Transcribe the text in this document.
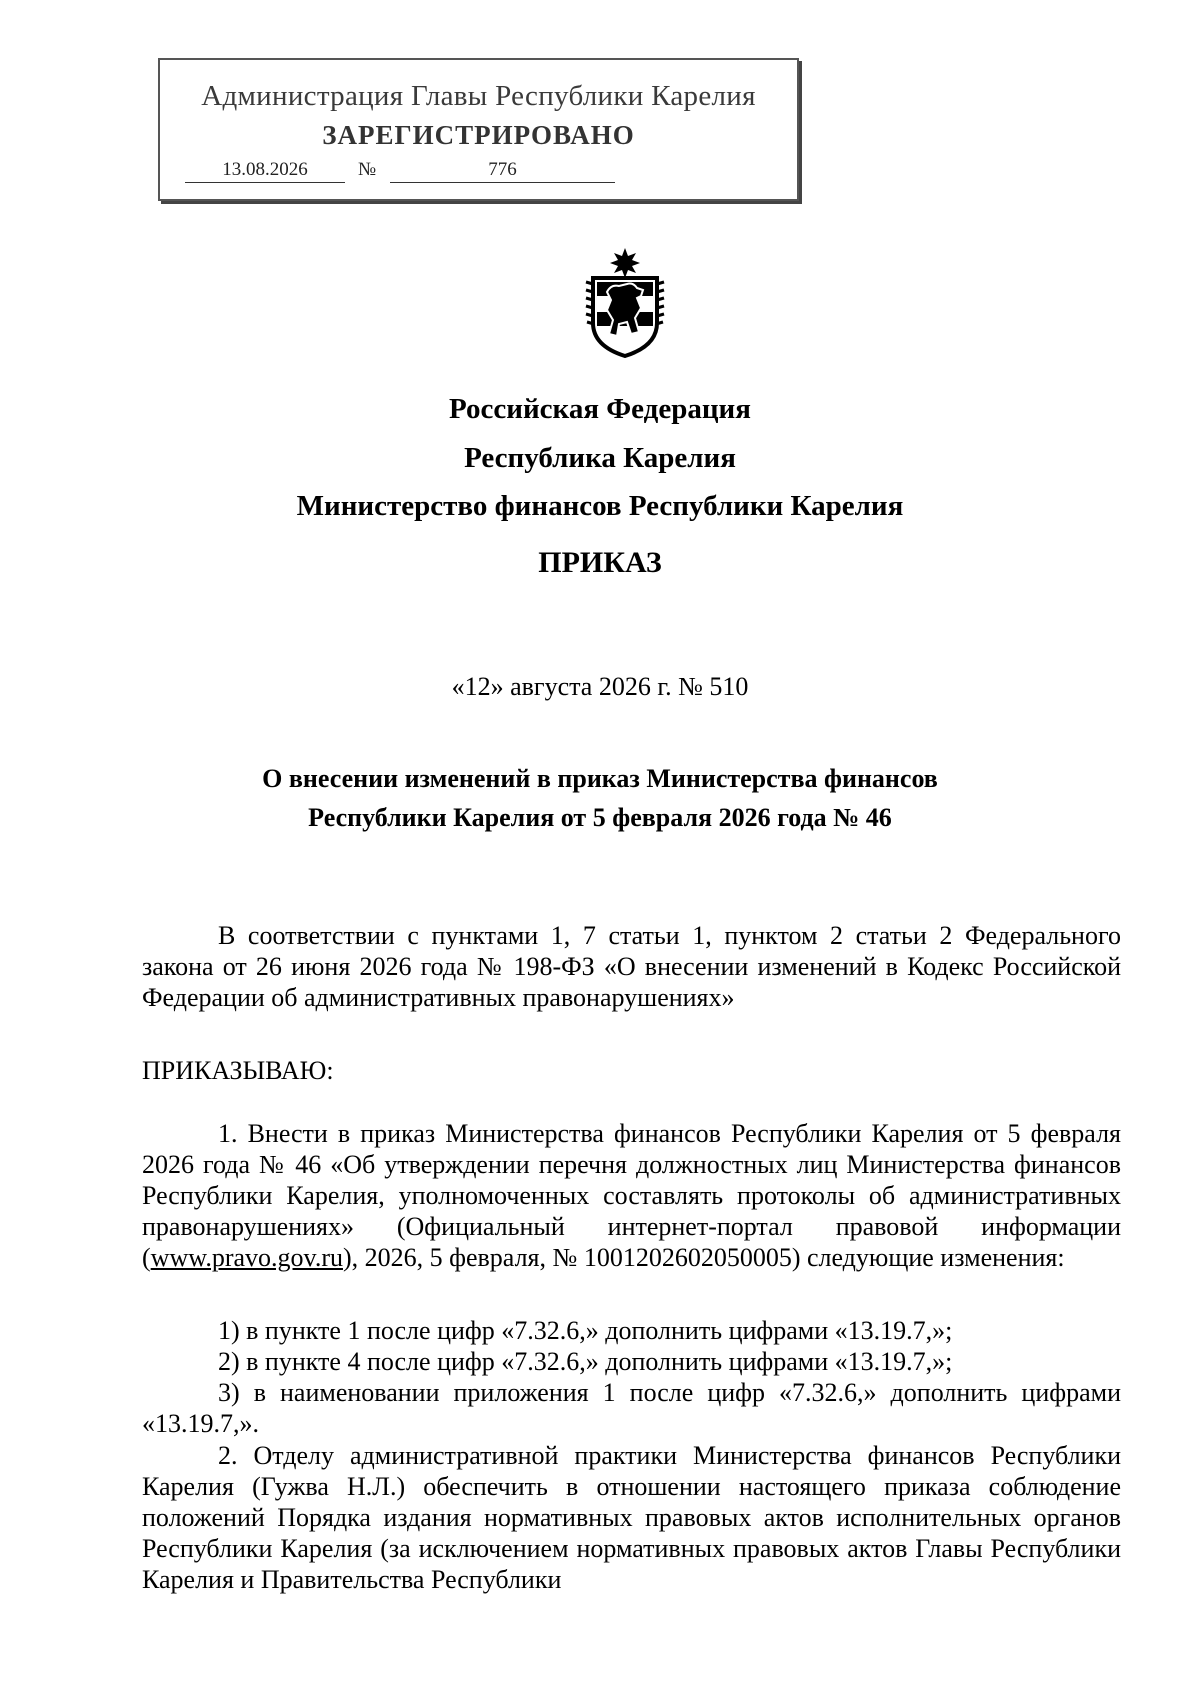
Администрация Главы Республики Карелия
ЗАРЕГИСТРИРОВАНО
13.08.2026	№	776
Российская Федерация
Республика Карелия
Министерство финансов Республики Карелия
ПРИКАЗ
«12» августа 2026 г. № 510
О внесении изменений в приказ Министерства финансов
Республики Карелия от 5 февраля 2026 года № 46
В соответствии с пунктами 1, 7 статьи 1, пунктом 2 статьи 2 Федерального закона от 26 июня 2026 года № 198-ФЗ «О внесении изменений в Кодекс Российской Федерации об административных правонарушениях»
ПРИКАЗЫВАЮ:
1. Внести в приказ Министерства финансов Республики Карелия от 5 февраля 2026 года № 46 «Об утверждении перечня должностных лиц Министерства финансов Республики Карелия, уполномоченных составлять протоколы об административных правонарушениях» (Официальный интернет-портал правовой информации (www.pravo.gov.ru), 2026, 5 февраля, № 1001202602050005) следующие изменения:
1) в пункте 1 после цифр «7.32.6,» дополнить цифрами «13.19.7,»;
2) в пункте 4 после цифр «7.32.6,» дополнить цифрами «13.19.7,»;
3) в наименовании приложения 1 после цифр «7.32.6,» дополнить цифрами «13.19.7,».
2. Отделу административной практики Министерства финансов Республики Карелия (Гужва Н.Л.) обеспечить в отношении настоящего приказа соблюдение положений Порядка издания нормативных правовых актов исполнительных органов Республики Карелия (за исключением нормативных правовых актов Главы Республики Карелия и Правительства Республики
